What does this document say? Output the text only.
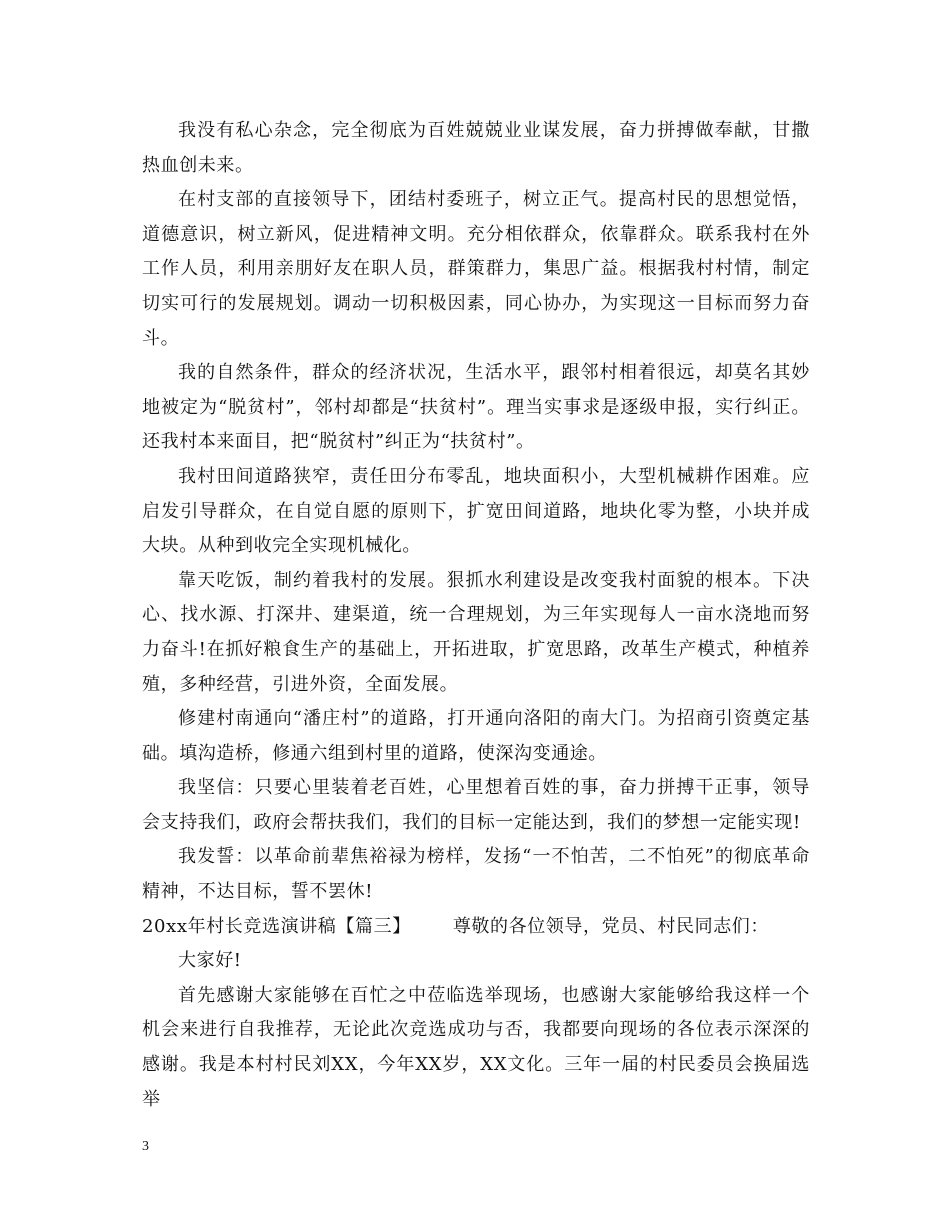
我没有私心杂念，完全彻底为百姓兢兢业业谋发展，奋力拼搏做奉献，甘撒热血创未来。

在村支部的直接领导下，团结村委班子，树立正气。提高村民的思想觉悟，道德意识，树立新风，促进精神文明。充分相依群众，依靠群众。联系我村在外工作人员，利用亲朋好友在职人员，群策群力，集思广益。根据我村村情，制定切实可行的发展规划。调动一切积极因素，同心协办，为实现这一目标而努力奋斗。

我的自然条件，群众的经济状况，生活水平，跟邻村相着很远，却莫名其妙地被定为“脱贫村”，邻村却都是“扶贫村”。理当实事求是逐级申报，实行纠正。还我村本来面目，把“脱贫村”纠正为“扶贫村”。

我村田间道路狭窄，责任田分布零乱，地块面积小，大型机械耕作困难。应启发引导群众，在自觉自愿的原则下，扩宽田间道路，地块化零为整，小块并成大块。从种到收完全实现机械化。

靠天吃饭，制约着我村的发展。狠抓水利建设是改变我村面貌的根本。下决心、找水源、打深井、建渠道，统一合理规划，为三年实现每人一亩水浇地而努力奋斗!在抓好粮食生产的基础上，开拓进取，扩宽思路，改革生产模式，种植养殖，多种经营，引进外资，全面发展。

修建村南通向“潘庄村”的道路，打开通向洛阳的南大门。为招商引资奠定基础。填沟造桥，修通六组到村里的道路，使深沟变通途。

我坚信：只要心里装着老百姓，心里想着百姓的事，奋力拼搏干正事，领导会支持我们，政府会帮扶我们，我们的目标一定能达到，我们的梦想一定能实现!

我发誓：以革命前辈焦裕禄为榜样，发扬“一不怕苦，二不怕死”的彻底革命精神，不达目标，誓不罢休!

20xx年村长竞选演讲稿【篇三】 尊敬的各位领导，党员、村民同志们：

大家好!

首先感谢大家能够在百忙之中莅临选举现场，也感谢大家能够给我这样一个机会来进行自我推荐，无论此次竞选成功与否，我都要向现场的各位表示深深的感谢。我是本村村民刘XX，今年XX岁，XX文化。三年一届的村民委员会换届选举

3
